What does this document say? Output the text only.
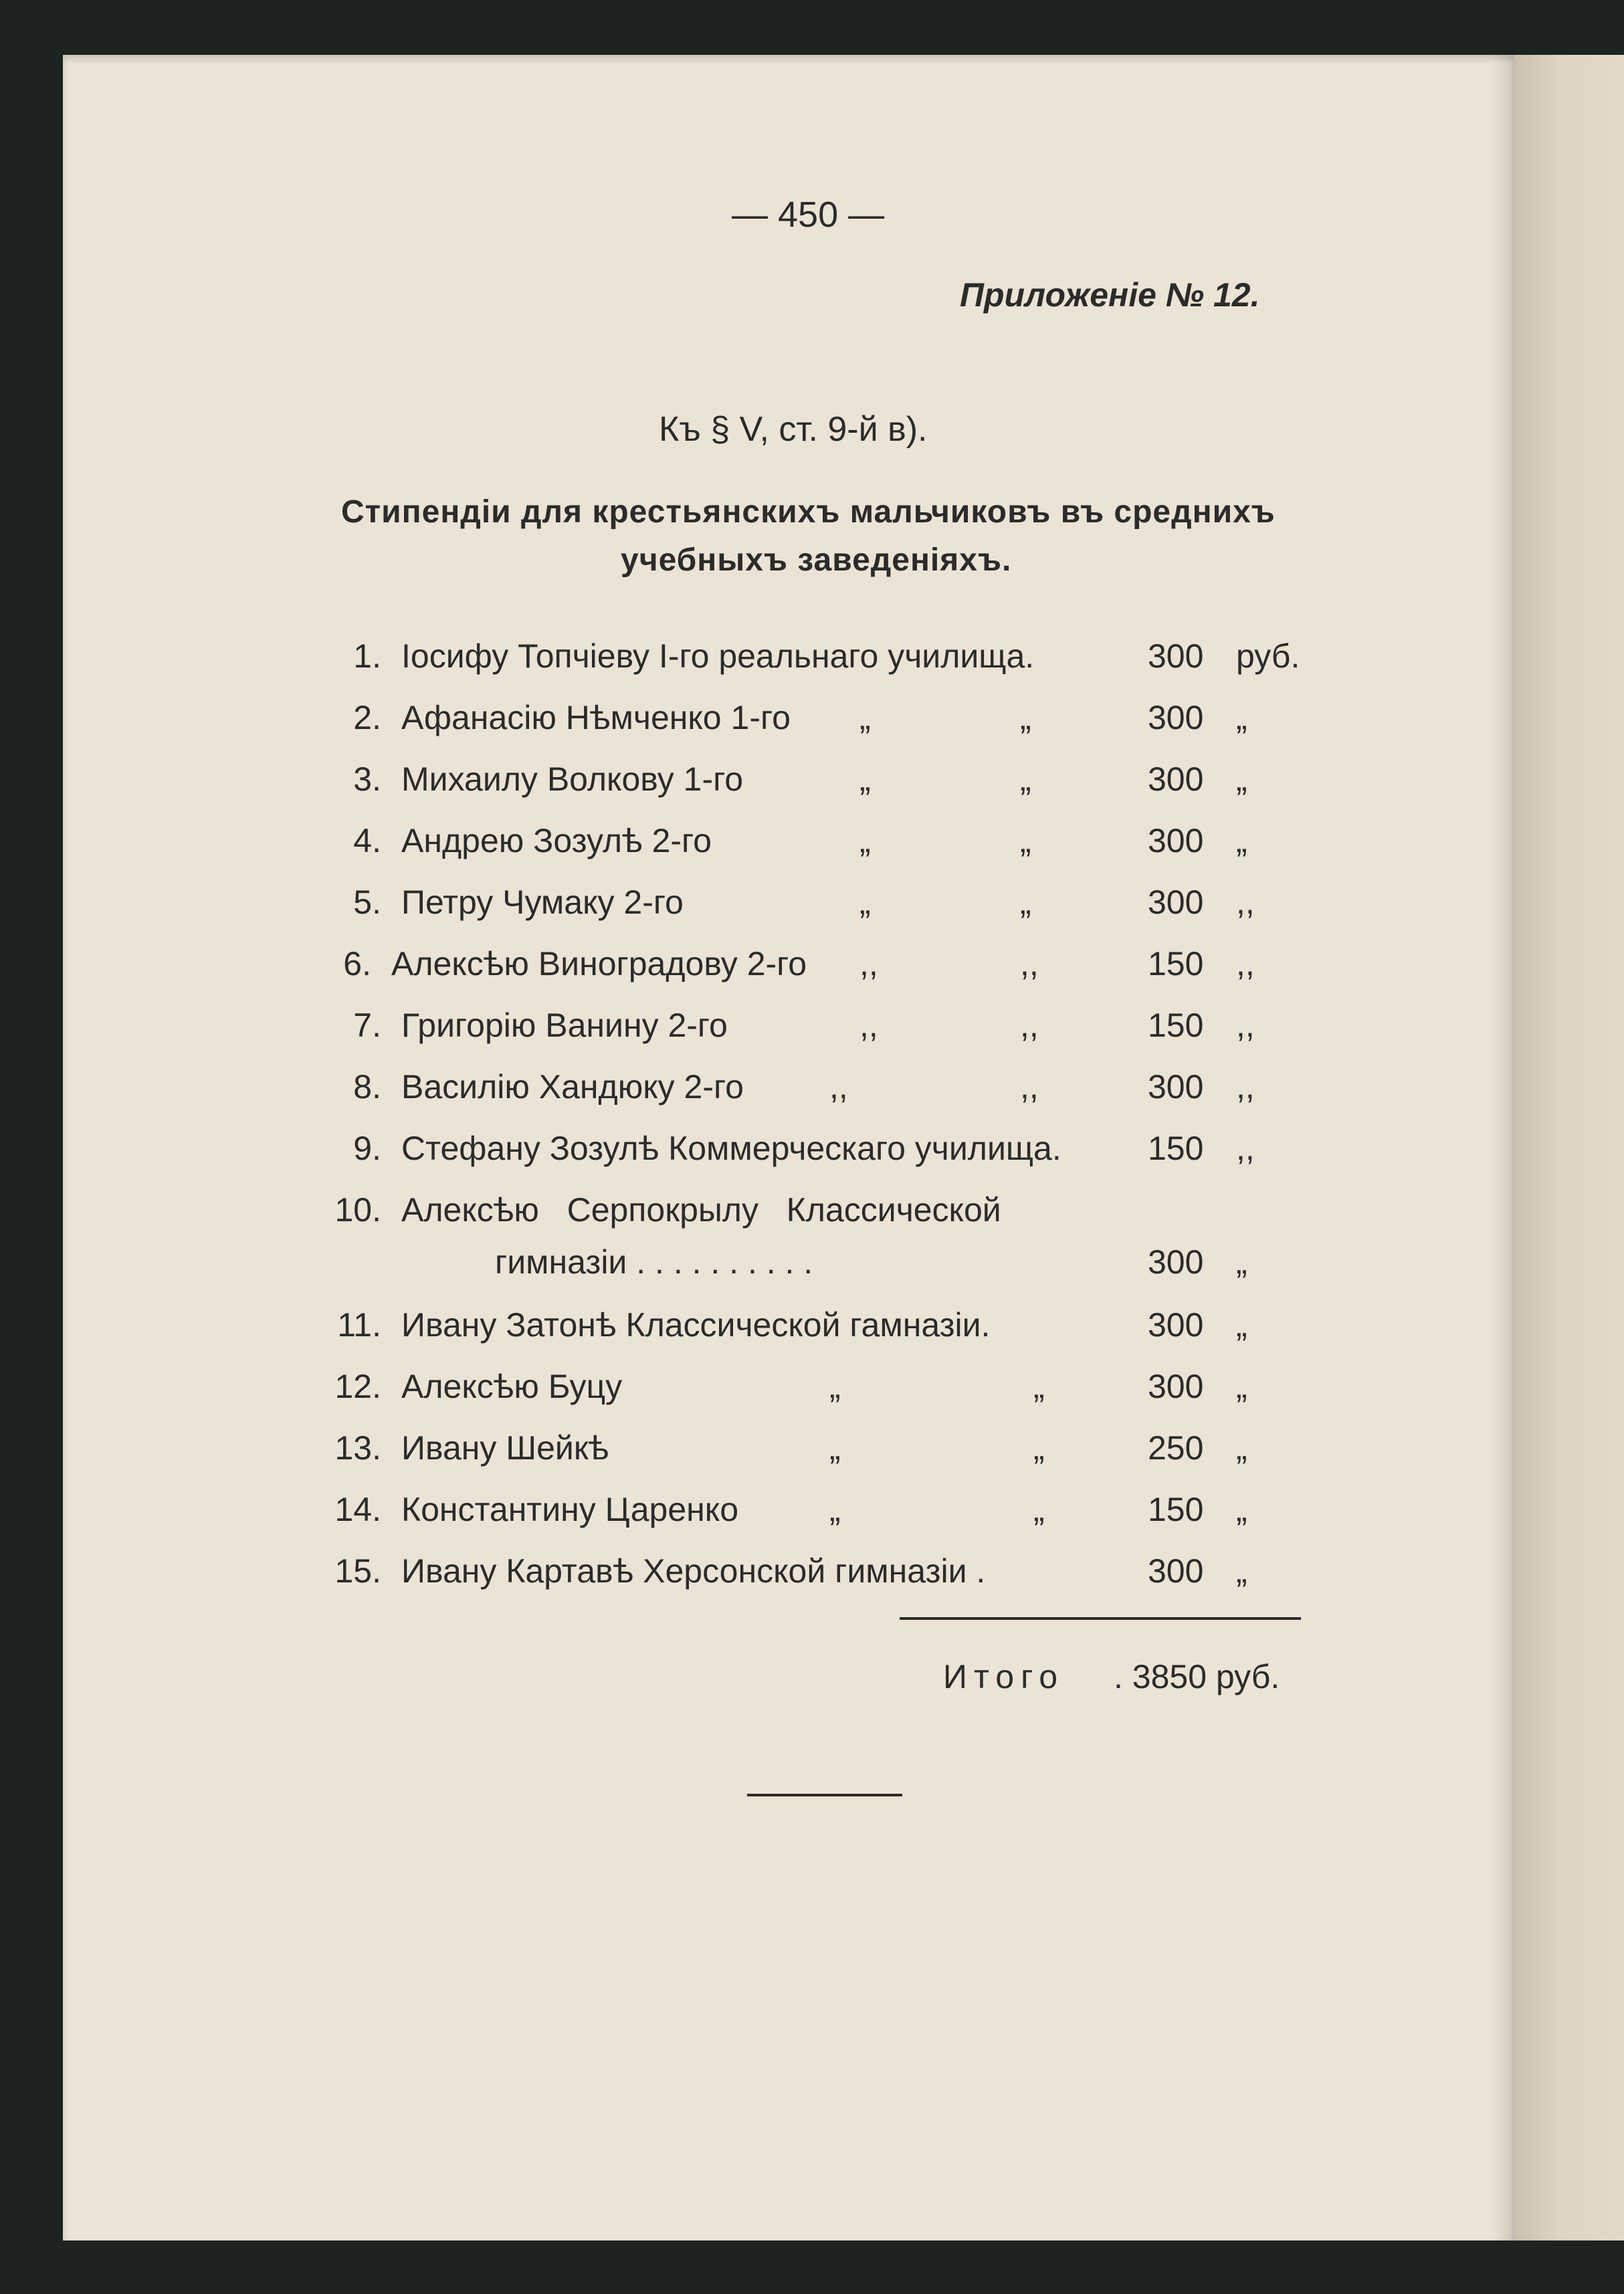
— 450 —
Приложеніе № 12.
Къ § V, ст. 9-й в).
Стипендіи для крестьянскихъ мальчиковъ въ среднихъ
учебныхъ заведеніяхъ.
1. Іосифу Топчіеву І-го реальнаго училища.	300 руб.
2. Афанасію Нѣмченко 1-го „	„	300 „
3. Михаилу Волкову 1-го	„	„	300 „
4. Андрею Зозулѣ 2-го	„	„	300 „
5. Петру Чумаку 2-го	„	„	300 ,,
6. Алексѣю Виноградову 2-го ,,	,,	150 ,,
7. Григорію Ванину 2-го	,,	,,	150 ,,
8. Василію Хандюку 2-го	,,	,,	300 ,,
9. Стефану Зозулѣ Коммерческаго училища.	150 ,,
10. Алексѣю   Серпокрылу   Классической
гимназіи . . . . . . . . . .	300 „
11. Ивану Затонѣ Классической гамназіи.	300 „
12. Алексѣю Буцу	„	„	300 „
13. Ивану Шейкѣ	„	„	250 „
14. Константину Царенко	„	„	150 „
15. Ивану Картавѣ Херсонской гимназіи .	300 „
Итого . 3850 руб.
